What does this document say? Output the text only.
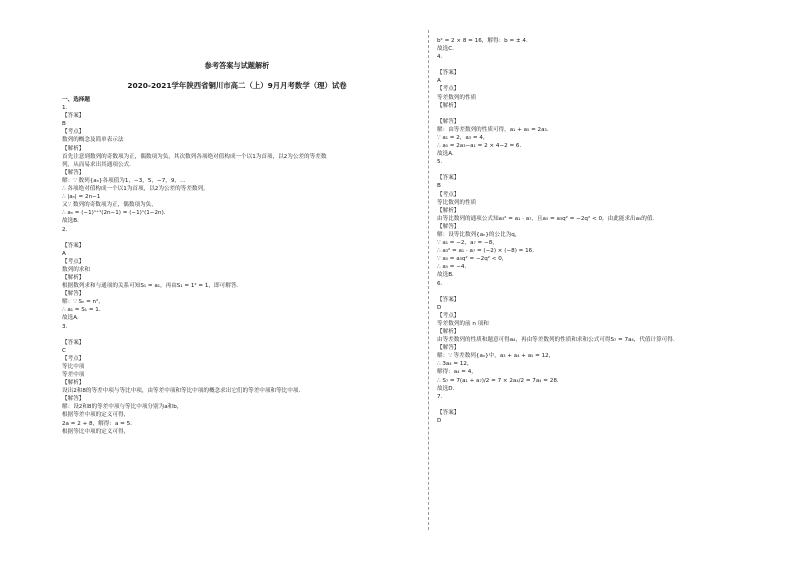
参考答案与试题解析
2020-2021学年陕西省铜川市高二（上）9月月考数学（理）试卷
一、选择题
1.
【答案】
B
【考点】
数列的概念及简单表示法
【解析】
首先注意到数列的奇数项为正，偶数项为负，其次数列各项绝对值构成一个以1为首项，以2为公差的等差数
列，从而易求出其通项公式．
【解答】
解：∵ 数列{aₙ}各项值为1，−3，5，−7，9，…
∴ 各项绝对值构成一个以1为首项，以2为公差的等差数列，
∴ |aₙ| = 2n−1
又∵ 数列的奇数项为正，偶数项为负，
∴ aₙ = (−1)ⁿ⁺¹(2n−1) = (−1)ⁿ(1−2n)．
故选B．
2.
【答案】
A
【考点】
数列的求和
【解析】
根据数列求和与通项的关系可知S₁ = a₁，再由S₁ = 1² = 1，即可解答．
【解答】
解：∵ Sₙ = n²，
∴ a₁ = S₁ = 1．
故选A．
3.
【答案】
C
【考点】
等比中项
等差中项
【解析】
设出2和8的等差中项与等比中项，由等差中项和等比中项的概念求出它们的等差中项和等比中项．
【解答】
解：设2和8的等差中项与等比中项分别为a和b，
根据等差中项的定义可得，
2a = 2 + 8，解得：a = 5．
根据等比中项的定义可得，
b² = 2 × 8 = 16，解得：b = ± 4．
故选C．
4.
【答案】
A
【考点】
等差数列的性质
【解析】
【解答】
解：由等差数列的性质可得，a₁ + a₅ = 2a₃．
∵ a₁ = 2，a₃ = 4，
∴ a₅ = 2a₃−a₁ = 2 × 4−2 = 6．
故选A．
5.
【答案】
B
【考点】
等比数列的性质
【解析】
由等比数列的通项公式知a₃² = a₁ · a₇，且a₅ = a₃q² = −2q² < 0，由此能求出a₅的值．
【解答】
解：设等比数列{aₙ}的公比为q，
∵ a₁ = −2，a₇ = −8，
∴ a₃² = a₁ · a₇ = (−2) × (−8) = 16．
∵ a₅ = a₃q² = −2q² < 0，
∴ a₅ = −4．
故选B．
6.
【答案】
D
【考点】
等差数列的前 n 项和
【解析】
由等差数列的性质和题意可得a₄，再由等差数列的性质和求和公式可得S₇ = 7a₄，代值计算可得．
【解答】
解：∵ 等差数列{aₙ}中，a₃ + a₄ + a₅ = 12，
∴ 3a₄ = 12，
解得：a₄ = 4，
∴ S₇ = 7(a₁ + a₇)/2 = 7 × 2a₄/2 = 7a₄ = 28．
故选D．
7.
【答案】
D
